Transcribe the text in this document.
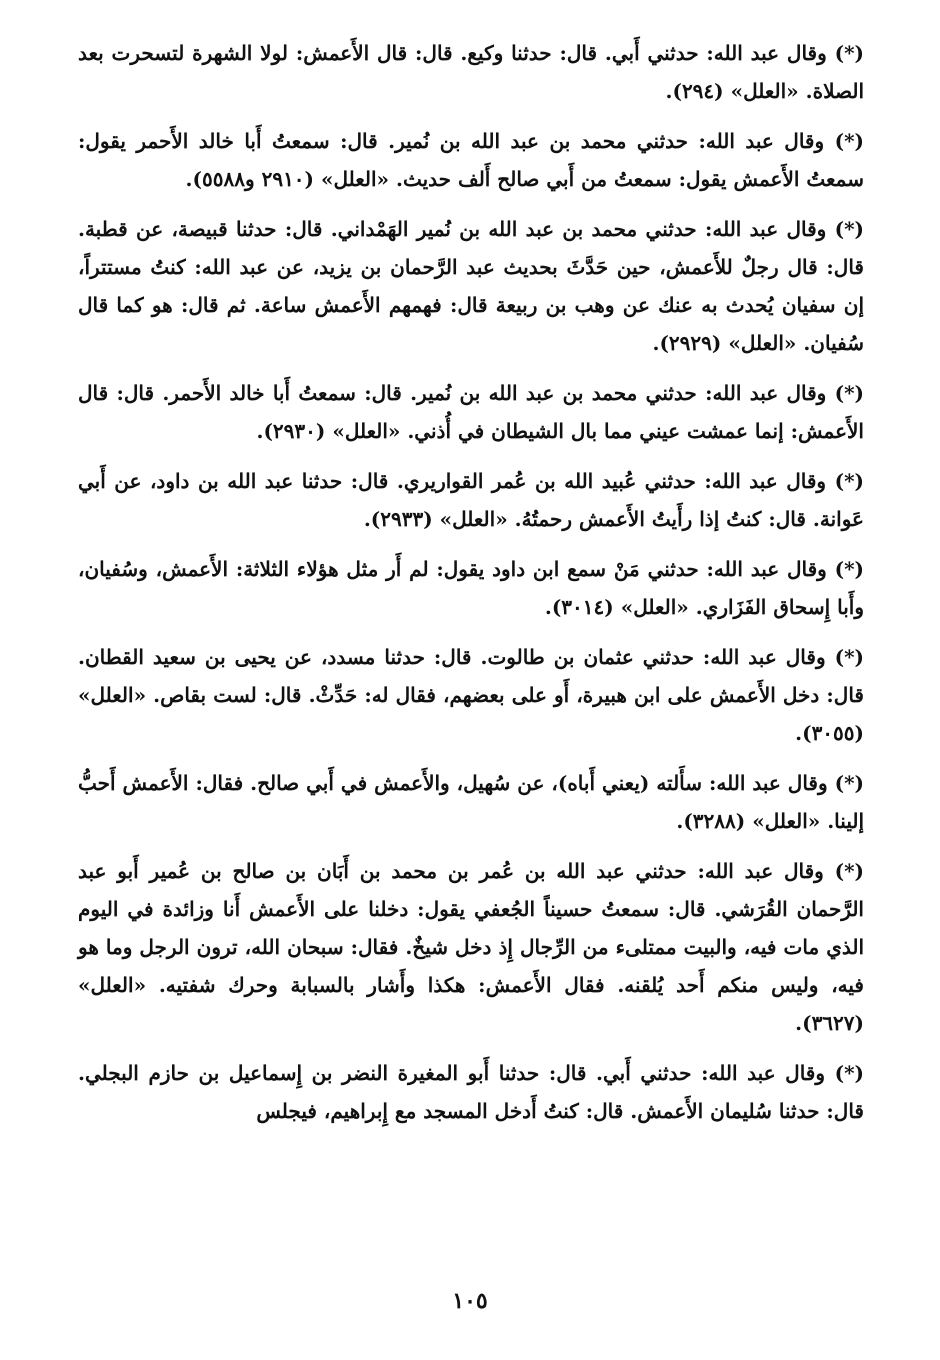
(*) وقال عبد الله: حدثني أَبي. قال: حدثنا وكيع. قال: قال الأَعمش: لولا الشهرة لتسحرت بعد الصلاة. «العلل» (٢٩٤).

(*) وقال عبد الله: حدثني محمد بن عبد الله بن نُمير. قال: سمعتُ أَبا خالد الأَحمر يقول: سمعتُ الأَعمش يقول: سمعتُ من أَبي صالح أَلف حديث. «العلل» (٢٩١٠ و٥٥٨٨).

(*) وقال عبد الله: حدثني محمد بن عبد الله بن نُمير الهَمْداني. قال: حدثنا قبيصة، عن قطبة. قال: قال رجلٌ للأَعمش، حين حَدَّثَ بحديث عبد الرَّحمان بن يزيد، عن عبد الله: كنتُ مستتراً، إن سفيان يُحدث به عنك عن وهب بن ربيعة قال: فهمهم الأَعمش ساعة. ثم قال: هو كما قال سُفيان. «العلل» (٢٩٢٩).

(*) وقال عبد الله: حدثني محمد بن عبد الله بن نُمير. قال: سمعتُ أَبا خالد الأَحمر. قال: قال الأَعمش: إنما عمشت عيني مما بال الشيطان في أُذني. «العلل» (٢٩٣٠).

(*) وقال عبد الله: حدثني عُبيد الله بن عُمر القواريري. قال: حدثنا عبد الله بن داود، عن أَبي عَوانة. قال: كنتُ إذا رأَيتُ الأَعمش رحمتُهُ. «العلل» (٢٩٣٣).

(*) وقال عبد الله: حدثني مَنْ سمع ابن داود يقول: لم أَر مثل هؤلاء الثلاثة: الأَعمش، وسُفيان، وأَبا إِسحاق الفَزَاري. «العلل» (٣٠١٤).

(*) وقال عبد الله: حدثني عثمان بن طالوت. قال: حدثنا مسدد، عن يحيى بن سعيد القطان. قال: دخل الأَعمش على ابن هبيرة، أَو على بعضهم، فقال له: حَدِّثْ. قال: لست بقاص. «العلل» (٣٠٥٥).

(*) وقال عبد الله: سأَلته (يعني أَباه)، عن سُهيل، والأَعمش في أَبي صالح. فقال: الأَعمش أَحبُّ إلينا. «العلل» (٣٢٨٨).

(*) وقال عبد الله: حدثني عبد الله بن عُمر بن محمد بن أَبَان بن صالح بن عُمير أَبو عبد الرَّحمان القُرَشي. قال: سمعتُ حسيناً الجُعفي يقول: دخلنا على الأَعمش أَنا وزائدة في اليوم الذي مات فيه، والبيت ممتلىء من الرِّجال إِذ دخل شيخٌ. فقال: سبحان الله، ترون الرجل وما هو فيه، وليس منكم أَحد يُلقنه. فقال الأَعمش: هكذا وأَشار بالسبابة وحرك شفتيه. «العلل» (٣٦٢٧).

(*) وقال عبد الله: حدثني أَبي. قال: حدثنا أَبو المغيرة النضر بن إِسماعيل بن حازم البجلي. قال: حدثنا سُليمان الأَعمش. قال: كنتُ أَدخل المسجد مع إِبراهيم، فيجلس

١٠٥
